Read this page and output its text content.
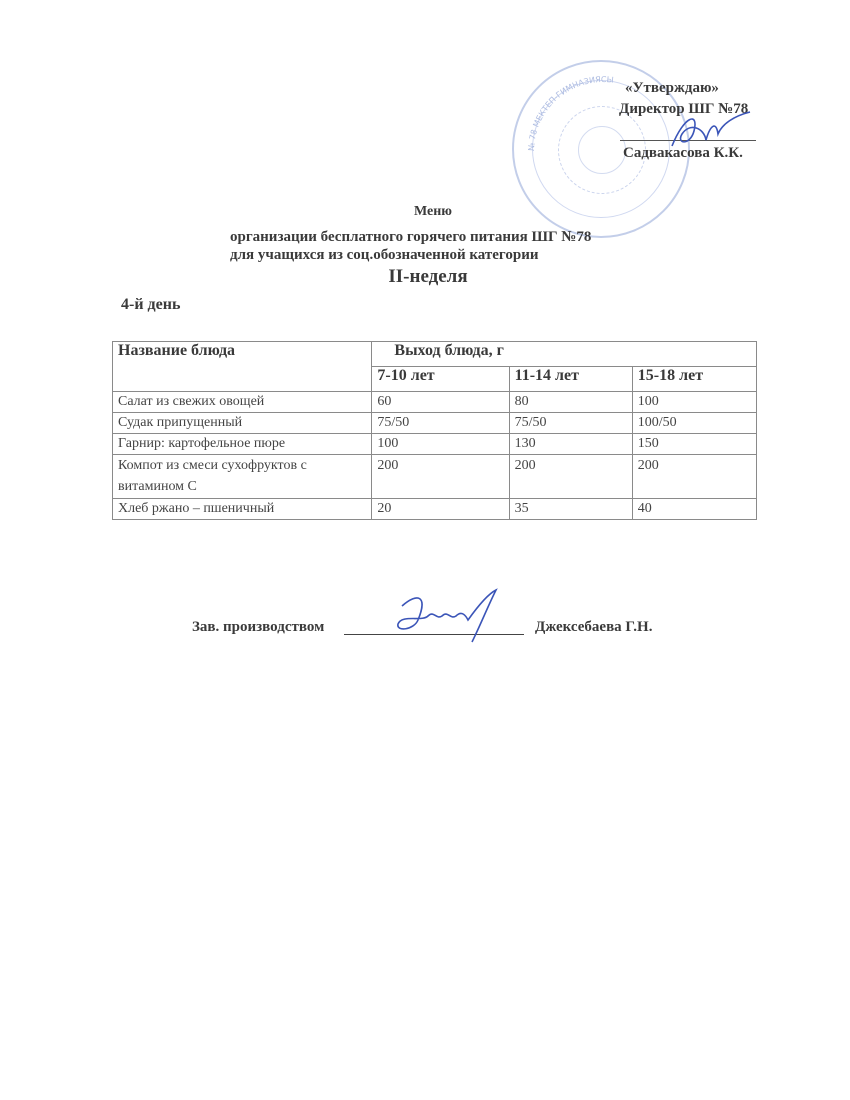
№ 78 МЕКТЕП-ГИМНАЗИЯСЫ
«Утверждаю»
Директор ШГ №78
Садвакасова К.К.
Меню
организации бесплатного горячего питания ШГ №78
для учащихся из соц.обозначенной категории
II-неделя
4-й день
Название блюда	Выход блюда, г		
	7-10 лет	11-14 лет	15-18 лет
Салат из свежих овощей	60	80	100
Судак припущенный	75/50	75/50	100/50
Гарнир: картофельное пюре	100	130	150
Компот из смеси сухофруктов с витамином С	200	200	200
Хлеб ржано – пшеничный	20	35	40
Зав. производством	Джексебаева Г.Н.
